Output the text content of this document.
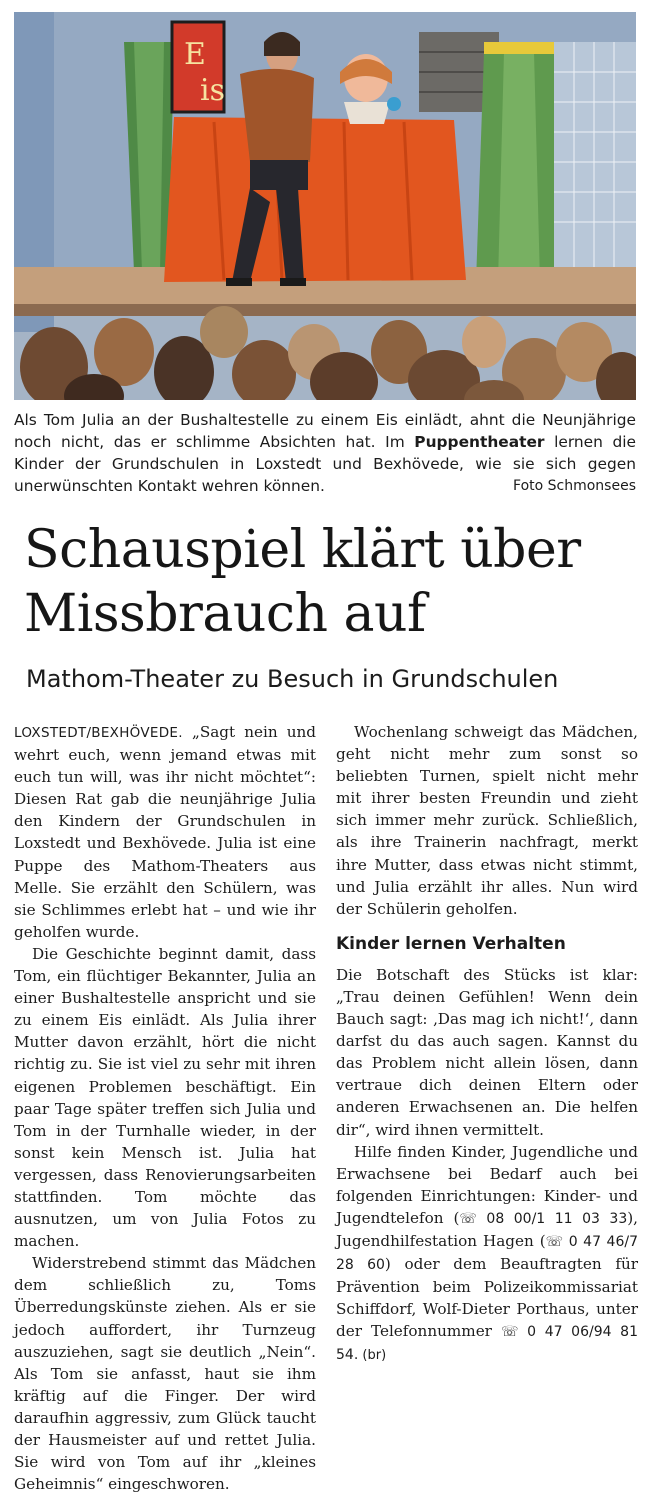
E
is
Als Tom Julia an der Bushaltestelle zu einem Eis einlädt, ahnt die Neunjährige noch nicht, das er schlimme Absichten hat. Im Puppentheater lernen die Kinder der Grundschulen in Loxstedt und Bexhövede, wie sie sich gegen unerwünschten Kontakt wehren können.	Foto Schmonsees
Schauspiel klärt über Missbrauch auf
Mathom-Theater zu Besuch in Grundschulen

LOXSTEDT/BEXHÖVEDE. „Sagt nein und wehrt euch, wenn jemand etwas mit euch tun will, was ihr nicht möchtet“: Diesen Rat gab die neunjährige Julia den Kindern der Grundschulen in Loxstedt und Bexhövede. Julia ist eine Puppe des Mathom-Theaters aus Melle. Sie erzählt den Schülern, was sie Schlimmes erlebt hat – und wie ihr geholfen wurde.

Die Geschichte beginnt damit, dass Tom, ein flüchtiger Bekannter, Julia an einer Bushaltestelle anspricht und sie zu einem Eis einlädt. Als Julia ihrer Mutter davon erzählt, hört die nicht richtig zu. Sie ist viel zu sehr mit ihren eigenen Problemen beschäftigt. Ein paar Tage später treffen sich Julia und Tom in der Turnhalle wieder, in der sonst kein Mensch ist. Julia hat vergessen, dass Renovierungsarbeiten stattfinden. Tom möchte das ausnutzen, um von Julia Fotos zu machen.

Widerstrebend stimmt das Mädchen dem schließlich zu, Toms Überredungskünste ziehen. Als er sie jedoch auffordert, ihr Turnzeug auszuziehen, sagt sie deutlich „Nein“. Als Tom sie anfasst, haut sie ihm kräftig auf die Finger. Der wird daraufhin aggressiv, zum Glück taucht der Hausmeister auf und rettet Julia. Sie wird von Tom auf ihr „kleines Geheimnis“ eingeschworen.

Wochenlang schweigt das Mädchen, geht nicht mehr zum sonst so beliebten Turnen, spielt nicht mehr mit ihrer besten Freundin und zieht sich immer mehr zurück. Schließlich, als ihre Trainerin nachfragt, merkt ihre Mutter, dass etwas nicht stimmt, und Julia erzählt ihr alles. Nun wird der Schülerin geholfen.

Kinder lernen Verhalten

Die Botschaft des Stücks ist klar: „Trau deinen Gefühlen! Wenn dein Bauch sagt: ‚Das mag ich nicht!‘, dann darfst du das auch sagen. Kannst du das Problem nicht allein lösen, dann vertraue dich deinen Eltern oder anderen Erwachsenen an. Die helfen dir“, wird ihnen vermittelt.

Hilfe finden Kinder, Jugendliche und Erwachsene bei Bedarf auch bei folgenden Einrichtungen: Kinder- und Jugendtelefon (☏ 08 00/1 11 03 33), Jugendhilfestation Hagen (☏ 0 47 46/7 28 60) oder dem Beauftragten für Prävention beim Polizeikommissariat Schiffdorf, Wolf-Dieter Porthaus, unter der Telefonnummer ☏ 0 47 06/94 81 54. (br)
